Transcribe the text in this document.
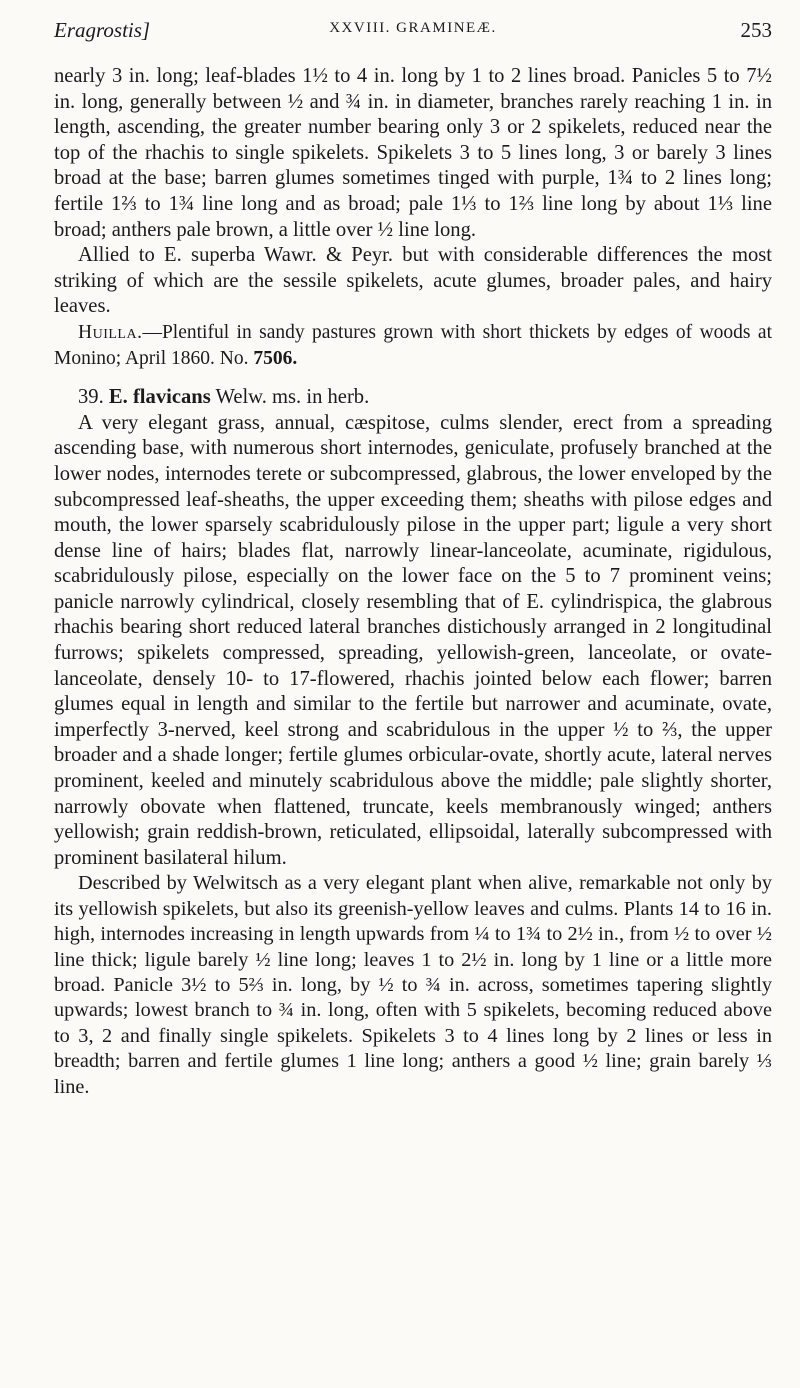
Eragrostis]	XXVIII. GRAMINEÆ.	253

nearly 3 in. long; leaf-blades 1½ to 4 in. long by 1 to 2 lines broad. Panicles 5 to 7½ in. long, generally between ½ and ¾ in. in diameter, branches rarely reaching 1 in. in length, ascending, the greater number bearing only 3 or 2 spikelets, reduced near the top of the rhachis to single spikelets. Spikelets 3 to 5 lines long, 3 or barely 3 lines broad at the base; barren glumes sometimes tinged with purple, 1¾ to 2 lines long; fertile 1⅔ to 1¾ line long and as broad; pale 1⅓ to 1⅔ line long by about 1⅓ line broad; anthers pale brown, a little over ½ line long.

Allied to E. superba Wawr. & Peyr. but with considerable differences the most striking of which are the sessile spikelets, acute glumes, broader pales, and hairy leaves.

Huilla.—Plentiful in sandy pastures grown with short thickets by edges of woods at Monino; April 1860. No. 7506.

39. E. flavicans Welw. ms. in herb.

A very elegant grass, annual, cæspitose, culms slender, erect from a spreading ascending base, with numerous short internodes, geniculate, profusely branched at the lower nodes, internodes terete or subcompressed, glabrous, the lower enveloped by the subcompressed leaf-sheaths, the upper exceeding them; sheaths with pilose edges and mouth, the lower sparsely scabridulously pilose in the upper part; ligule a very short dense line of hairs; blades flat, narrowly linear-lanceolate, acuminate, rigidulous, scabridulously pilose, especially on the lower face on the 5 to 7 prominent veins; panicle narrowly cylindrical, closely resembling that of E. cylindrispica, the glabrous rhachis bearing short reduced lateral branches distichously arranged in 2 longitudinal furrows; spikelets compressed, spreading, yellowish-green, lanceolate, or ovate-lanceolate, densely 10- to 17-flowered, rhachis jointed below each flower; barren glumes equal in length and similar to the fertile but narrower and acuminate, ovate, imperfectly 3-nerved, keel strong and scabridulous in the upper ½ to ⅔, the upper broader and a shade longer; fertile glumes orbicular-ovate, shortly acute, lateral nerves prominent, keeled and minutely scabridulous above the middle; pale slightly shorter, narrowly obovate when flattened, truncate, keels membranously winged; anthers yellowish; grain reddish-brown, reticulated, ellipsoidal, laterally subcompressed with prominent basilateral hilum.

Described by Welwitsch as a very elegant plant when alive, remarkable not only by its yellowish spikelets, but also its greenish-yellow leaves and culms. Plants 14 to 16 in. high, internodes increasing in length upwards from ¼ to 1¾ to 2½ in., from ½ to over ½ line thick; ligule barely ½ line long; leaves 1 to 2½ in. long by 1 line or a little more broad. Panicle 3½ to 5⅔ in. long, by ½ to ¾ in. across, sometimes tapering slightly upwards; lowest branch to ¾ in. long, often with 5 spikelets, becoming reduced above to 3, 2 and finally single spikelets. Spikelets 3 to 4 lines long by 2 lines or less in breadth; barren and fertile glumes 1 line long; anthers a good ½ line; grain barely ⅓ line.
